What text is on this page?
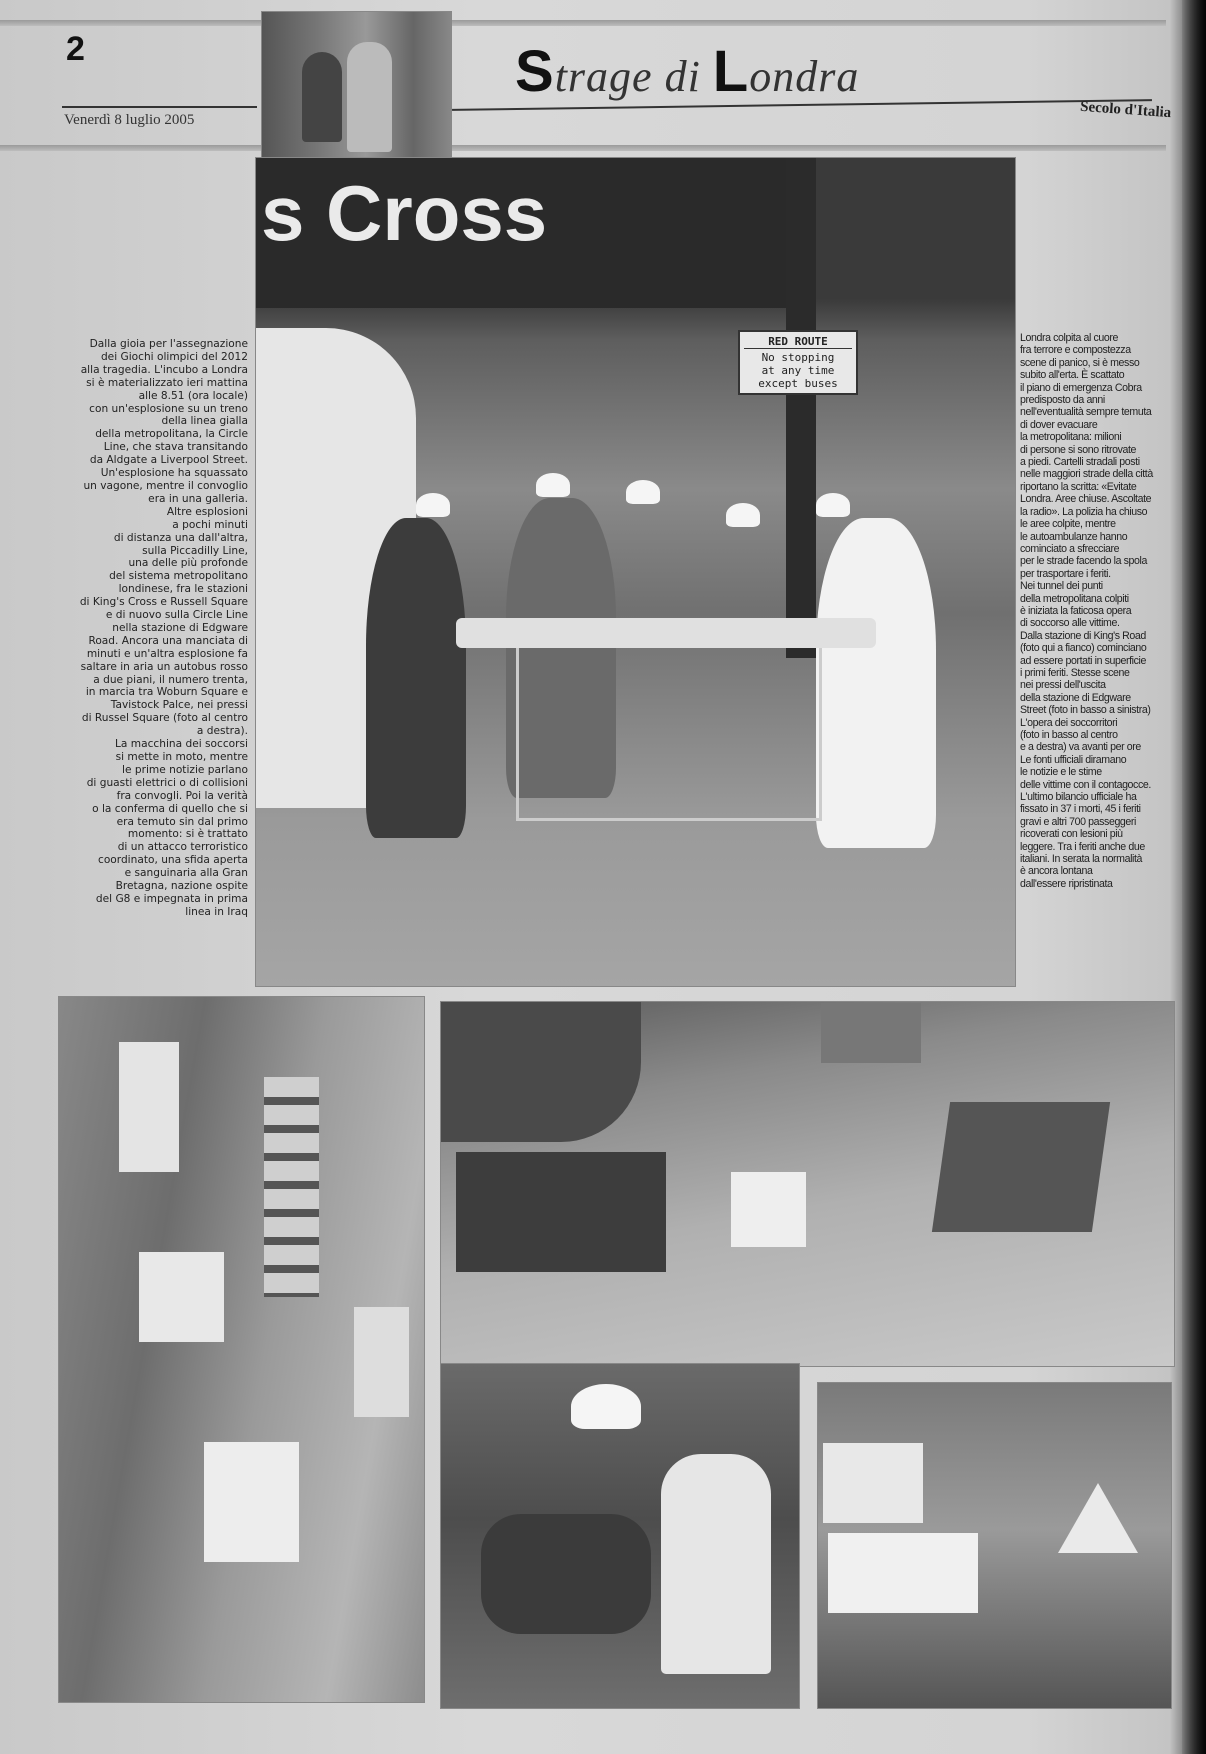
2
Venerdì 8 luglio 2005
Strage di Londra
Secolo d'Italia
s Cross
RED ROUTE
No stopping
at any time
except buses
Dalla gioia per l'assegnazione
dei Giochi olimpici del 2012
alla tragedia. L'incubo a Londra
si è materializzato ieri mattina
alle 8.51 (ora locale)
con un'esplosione su un treno
della linea gialla
della metropolitana, la Circle
Line, che stava transitando
da Aldgate a Liverpool Street.
Un'esplosione ha squassato
un vagone, mentre il convoglio
era in una galleria.
Altre esplosioni
a pochi minuti
di distanza una dall'altra,
sulla Piccadilly Line,
una delle più profonde
del sistema metropolitano
londinese, fra le stazioni
di King's Cross e Russell Square
e di nuovo sulla Circle Line
nella stazione di Edgware
Road. Ancora una manciata di
minuti e un'altra esplosione fa
saltare in aria un autobus rosso
a due piani, il numero trenta,
in marcia tra Woburn Square e
Tavistock Palce, nei pressi
di Russel Square (foto al centro
a destra).
La macchina dei soccorsi
si mette in moto, mentre
le prime notizie parlano
di guasti elettrici o di collisioni
fra convogli. Poi la verità
o la conferma di quello che si
era temuto sin dal primo
momento: si è trattato
di un attacco terroristico
coordinato, una sfida aperta
e sanguinaria alla Gran
Bretagna, nazione ospite
del G8 e impegnata in prima
linea in Iraq
Londra colpita al cuore
fra terrore e compostezza
scene di panico, si è messo
subito all'erta. È scattato
il piano di emergenza Cobra
predisposto da anni
nell'eventualità sempre temuta
di dover evacuare
la metropolitana: milioni
di persone si sono ritrovate
a piedi. Cartelli stradali posti
nelle maggiori strade della città
riportano la scritta: «Evitate
Londra. Aree chiuse. Ascoltate
la radio». La polizia ha chiuso
le aree colpite, mentre
le autoambulanze hanno
cominciato a sfrecciare
per le strade facendo la spola
per trasportare i feriti.
Nei tunnel dei punti
della metropolitana colpiti
è iniziata la faticosa opera
di soccorso alle vittime.
Dalla stazione di King's Road
(foto qui a fianco) cominciano
ad essere portati in superficie
i primi feriti. Stesse scene
nei pressi dell'uscita
della stazione di Edgware
Street (foto in basso a sinistra)
L'opera dei soccorritori
(foto in basso al centro
e a destra) va avanti per ore
Le fonti ufficiali diramano
le notizie e le stime
delle vittime con il contagocce.
L'ultimo bilancio ufficiale ha
fissato in 37 i morti, 45 i feriti
gravi e altri 700 passeggeri
ricoverati con lesioni più
leggere. Tra i feriti anche due
italiani. In serata la normalità
è ancora lontana
dall'essere ripristinata
